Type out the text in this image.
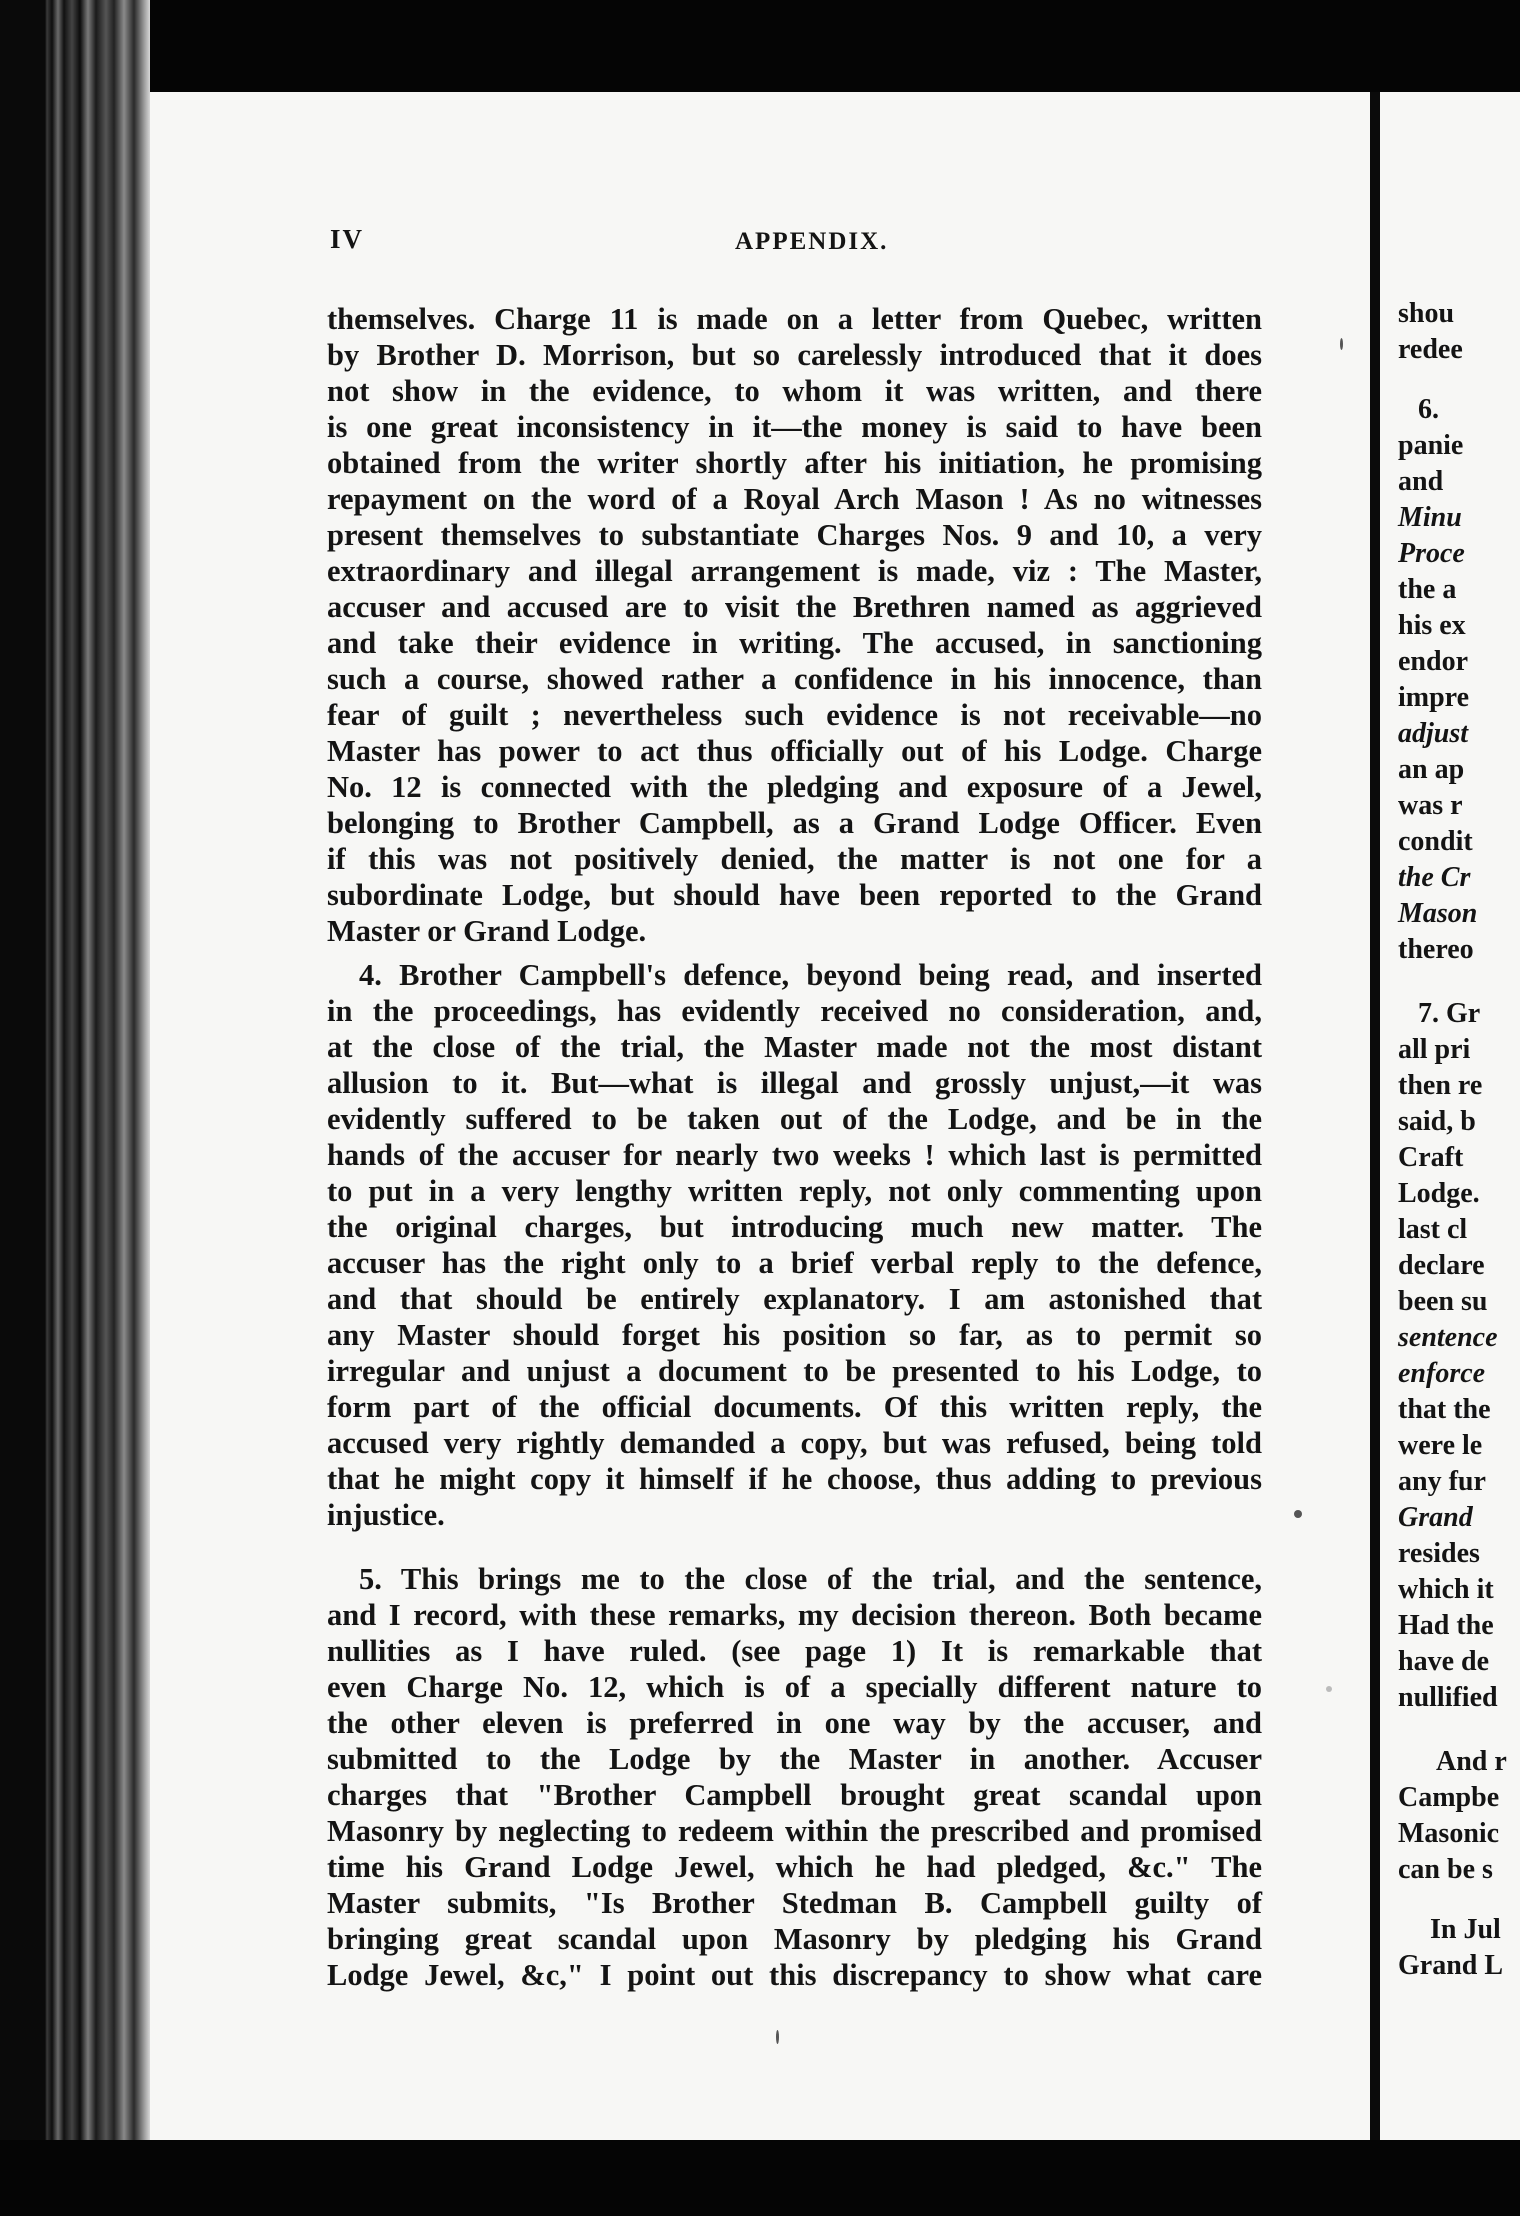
IV	APPENDIX.
themselves. Charge 11 is made on a letter from Quebec, written
by Brother D. Morrison, but so carelessly introduced that it does
not show in the evidence, to whom it was written, and there
is one great inconsistency in it—the money is said to have been
obtained from the writer shortly after his initiation, he promising
repayment on the word of a Royal Arch Mason ! As no witnesses
present themselves to substantiate Charges Nos. 9 and 10, a very
extraordinary and illegal arrangement is made, viz : The Master,
accuser and accused are to visit the Brethren named as aggrieved
and take their evidence in writing. The accused, in sanctioning
such a course, showed rather a confidence in his innocence, than
fear of guilt ; nevertheless such evidence is not receivable—no
Master has power to act thus officially out of his Lodge. Charge
No. 12 is connected with the pledging and exposure of a Jewel,
belonging to Brother Campbell, as a Grand Lodge Officer. Even
if this was not positively denied, the matter is not one for a
subordinate Lodge, but should have been reported to the Grand
Master or Grand Lodge.
4. Brother Campbell's defence, beyond being read, and inserted
in the proceedings, has evidently received no consideration, and,
at the close of the trial, the Master made not the most distant
allusion to it. But—what is illegal and grossly unjust,—it was
evidently suffered to be taken out of the Lodge, and be in the
hands of the accuser for nearly two weeks ! which last is permitted
to put in a very lengthy written reply, not only commenting upon
the original charges, but introducing much new matter. The
accuser has the right only to a brief verbal reply to the defence,
and that should be entirely explanatory. I am astonished that
any Master should forget his position so far, as to permit so
irregular and unjust a document to be presented to his Lodge, to
form part of the official documents. Of this written reply, the
accused very rightly demanded a copy, but was refused, being told
that he might copy it himself if he choose, thus adding to previous
injustice.
5. This brings me to the close of the trial, and the sentence,
and I record, with these remarks, my decision thereon. Both became
nullities as I have ruled. (see page 1) It is remarkable that
even Charge No. 12, which is of a specially different nature to
the other eleven is preferred in one way by the accuser, and
submitted to the Lodge by the Master in another. Accuser
charges that "Brother Campbell brought great scandal upon
Masonry by neglecting to redeem within the prescribed and promised
time his Grand Lodge Jewel, which he had pledged, &c." The
Master submits, "Is Brother Stedman B. Campbell guilty of
bringing great scandal upon Masonry by pledging his Grand
Lodge Jewel, &c," I point out this discrepancy to show what care
shou
redee
6.
panie
and
Minu
Proce
the a
his ex
endor
impre
adjust
an ap
was r
condit
the Cr
Mason
thereo
7. Gr
all pri
then re
said, b
Craft
Lodge.
last cl
declare
been su
sentence
enforce
that the
were le
any fur
Grand
resides
which it
Had the
have de
nullified
And r
Campbe
Masonic
can be s
In Jul
Grand L
